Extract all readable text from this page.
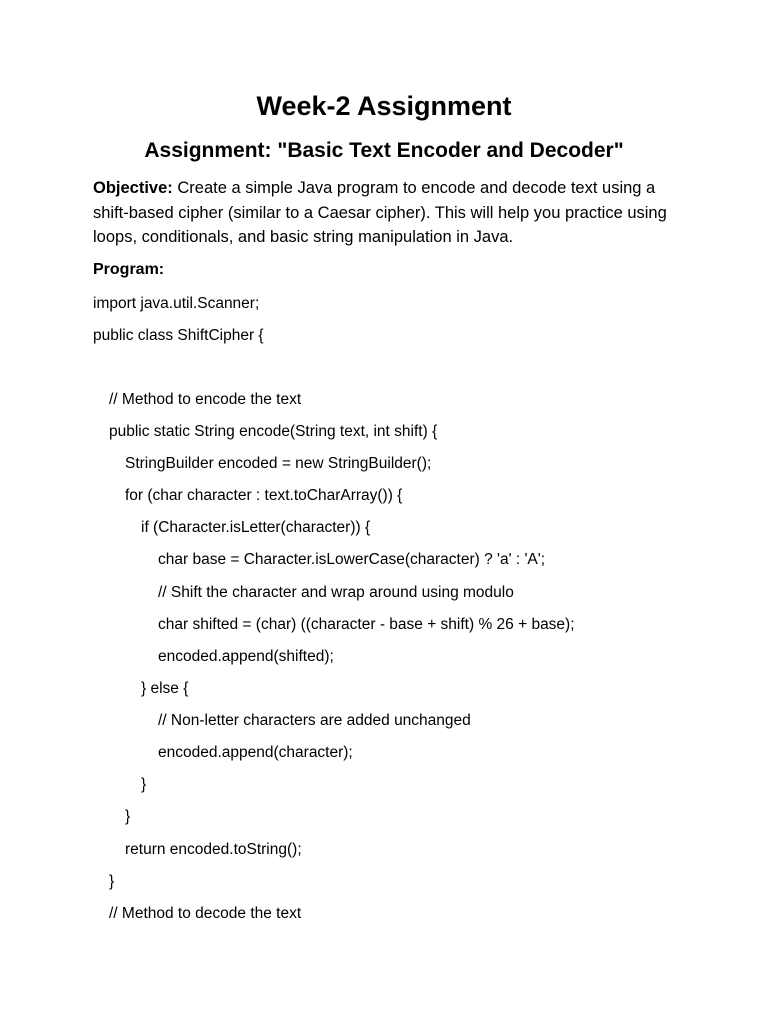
Week-2 Assignment
Assignment: "Basic Text Encoder and Decoder"

Objective: Create a simple Java program to encode and decode text using a shift-based cipher (similar to a Caesar cipher). This will help you practice using loops, conditionals, and basic string manipulation in Java.

Program:

import java.util.Scanner;
public class ShiftCipher {
// Method to encode the text
public static String encode(String text, int shift) {
StringBuilder encoded = new StringBuilder();
for (char character : text.toCharArray()) {
if (Character.isLetter(character)) {
char base = Character.isLowerCase(character) ? 'a' : 'A';
// Shift the character and wrap around using modulo
char shifted = (char) ((character - base + shift) % 26 + base);
encoded.append(shifted);
} else {
// Non-letter characters are added unchanged
encoded.append(character);
}
}
return encoded.toString();
}
// Method to decode the text
